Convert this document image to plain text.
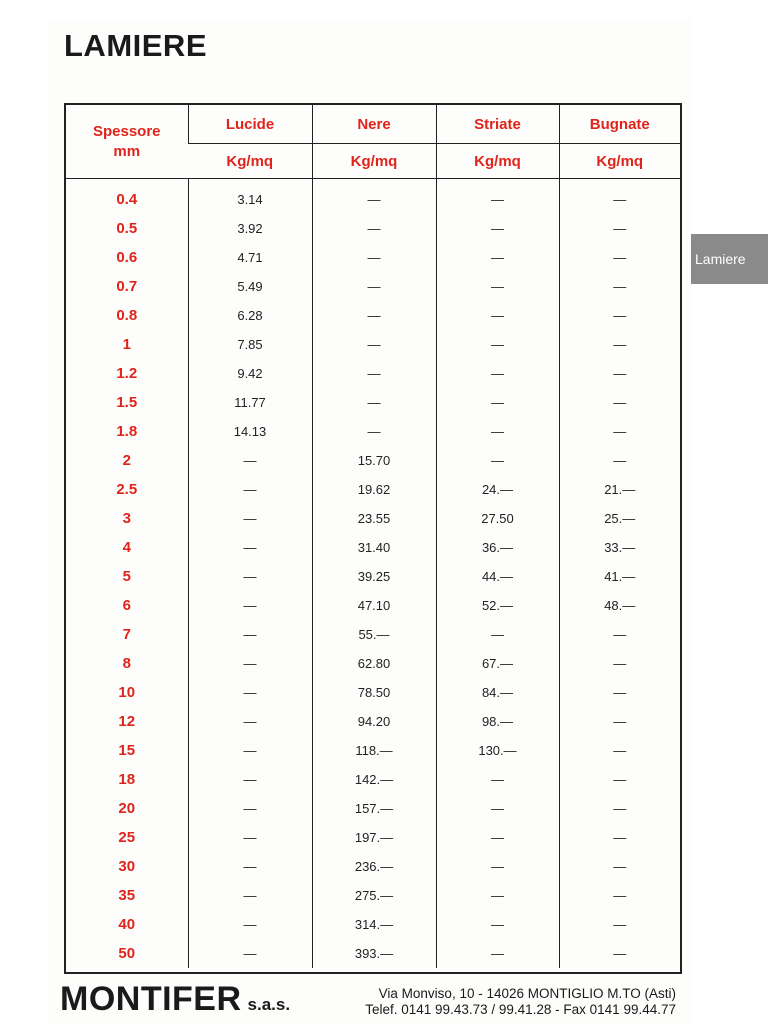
LAMIERE
Spessore
mm	Lucide	Nere	Striate	Bugnate
	Kg/mq	Kg/mq	Kg/mq	Kg/mq
0.4	3.14	—	—	—
0.5	3.92	—	—	—
0.6	4.71	—	—	—
0.7	5.49	—	—	—
0.8	6.28	—	—	—
1	7.85	—	—	—
1.2	9.42	—	—	—
1.5	11.77	—	—	—
1.8	14.13	—	—	—
2	—	15.70	—	—
2.5	—	19.62	24.—	21.—
3	—	23.55	27.50	25.—
4	—	31.40	36.—	33.—
5	—	39.25	44.—	41.—
6	—	47.10	52.—	48.—
7	—	55.—	—	—
8	—	62.80	67.—	—
10	—	78.50	84.—	—
12	—	94.20	98.—	—
15	—	118.—	130.—	—
18	—	142.—	—	—
20	—	157.—	—	—
25	—	197.—	—	—
30	—	236.—	—	—
35	—	275.—	—	—
40	—	314.—	—	—
50	—	393.—	—	—
MONTIFER s.a.s.
Via Monviso, 10 - 14026 MONTIGLIO M.TO (Asti)
Telef. 0141 99.43.73 / 99.41.28 - Fax 0141 99.44.77
Lamiere
